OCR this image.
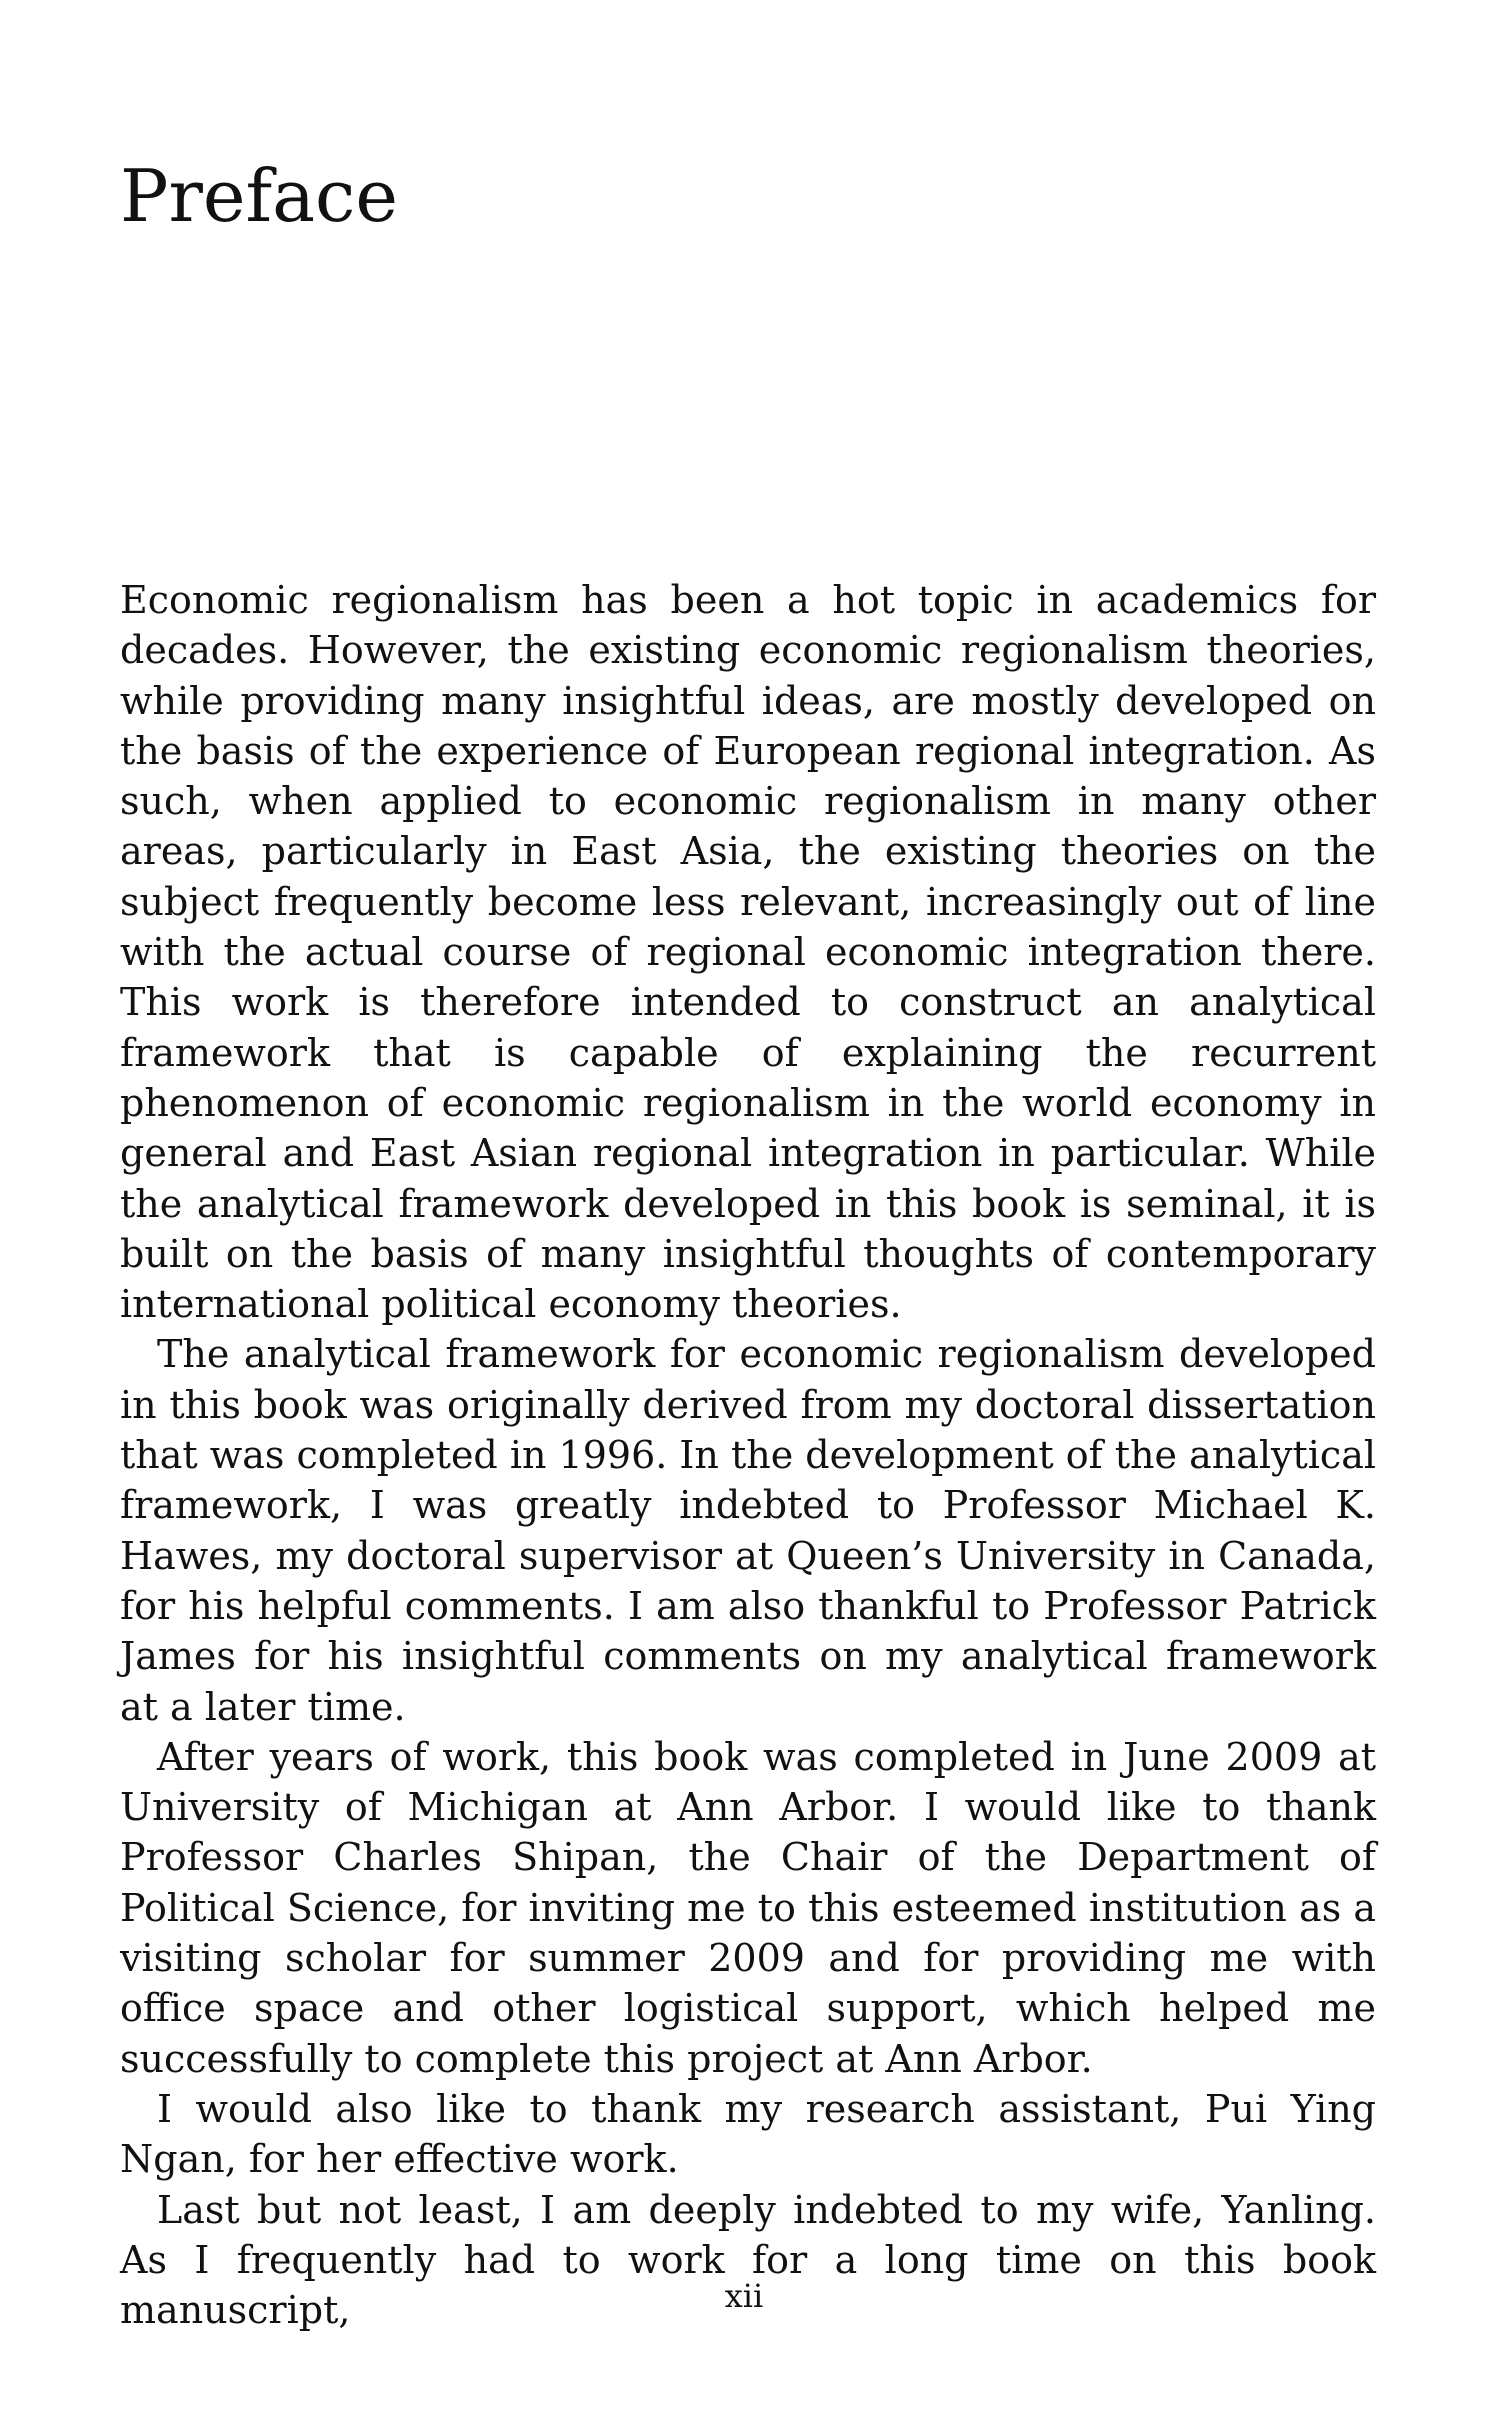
Preface

Economic regionalism has been a hot topic in academics for decades. However, the existing economic regionalism theories, while providing many insightful ideas, are mostly developed on the basis of the experience of European regional integration. As such, when applied to economic regionalism in many other areas, particularly in East Asia, the existing theories on the subject frequently become less relevant, increasingly out of line with the actual course of regional economic integration there. This work is therefore intended to construct an analytical framework that is capable of explaining the recurrent phenomenon of economic regionalism in the world economy in general and East Asian regional integration in particular. While the analytical framework developed in this book is seminal, it is built on the basis of many insightful thoughts of contemporary international political economy theories.

The analytical framework for economic regionalism developed in this book was originally derived from my doctoral dissertation that was completed in 1996. In the development of the analytical framework, I was greatly indebted to Professor Michael K. Hawes, my doctoral supervisor at Queen’s University in Canada, for his helpful comments. I am also thankful to Professor Patrick James for his insightful comments on my analytical framework at a later time.

After years of work, this book was completed in June 2009 at University of Michigan at Ann Arbor. I would like to thank Professor Charles Shipan, the Chair of the Department of Political Science, for inviting me to this esteemed institution as a visiting scholar for summer 2009 and for providing me with office space and other logistical support, which helped me successfully to complete this project at Ann Arbor.

I would also like to thank my research assistant, Pui Ying Ngan, for her effective work.

Last but not least, I am deeply indebted to my wife, Yanling. As I frequently had to work for a long time on this book manuscript,	xii
